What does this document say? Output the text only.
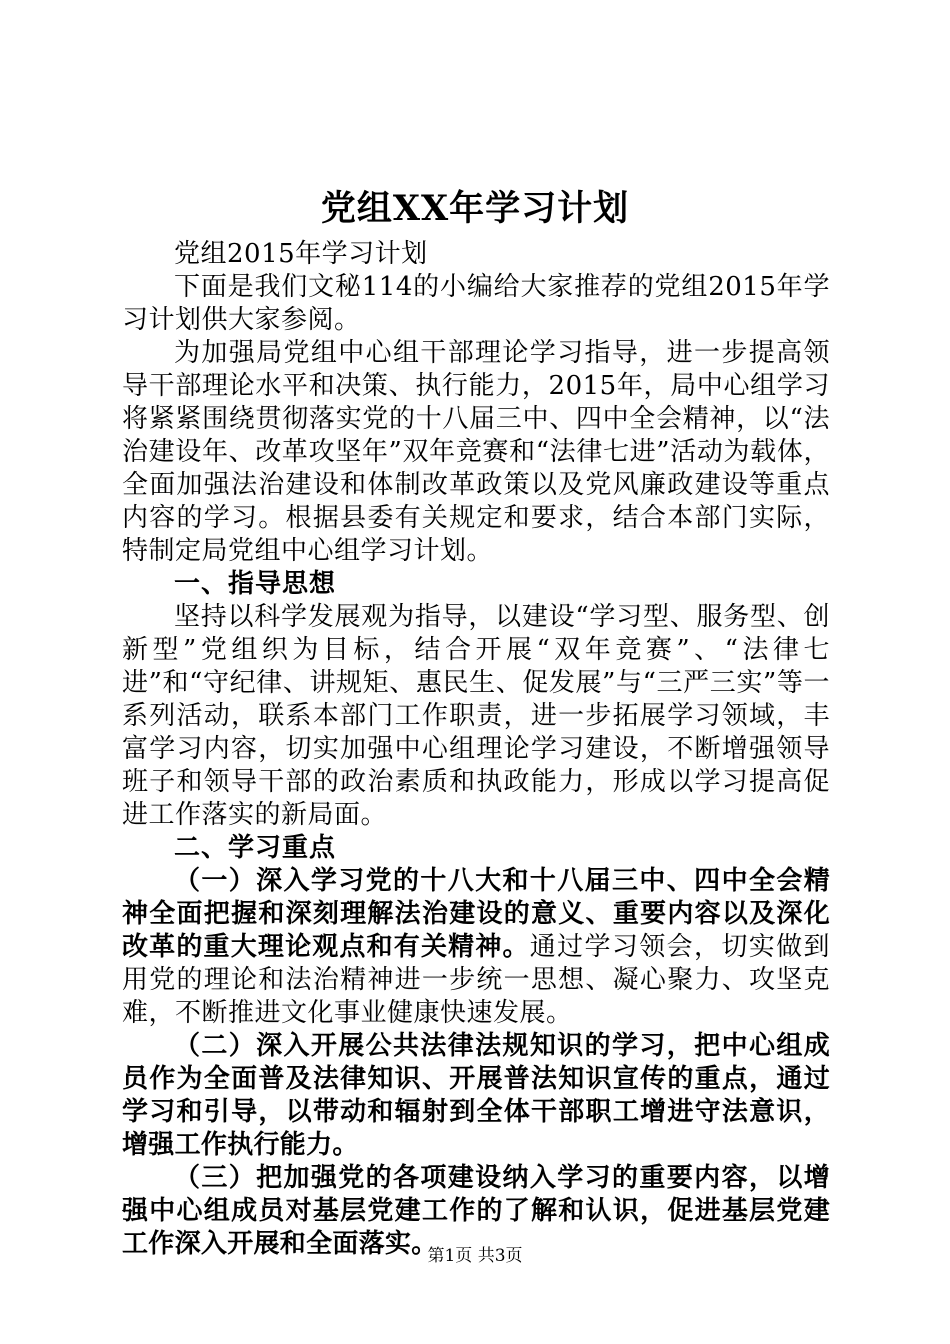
党组XX年学习计划

党组2015年学习计划

下面是我们文秘114的小编给大家推荐的党组2015年学习计划供大家参阅。

为加强局党组中心组干部理论学习指导，进一步提高领导干部理论水平和决策、执行能力，2015年，局中心组学习将紧紧围绕贯彻落实党的十八届三中、四中全会精神，以“法治建设年、改革攻坚年”双年竞赛和“法律七进”活动为载体，全面加强法治建设和体制改革政策以及党风廉政建设等重点内容的学习。根据县委有关规定和要求，结合本部门实际，特制定局党组中心组学习计划。

一、指导思想

坚持以科学发展观为指导，以建设“学习型、服务型、创新型”党组织为目标，结合开展“双年竞赛”、“法律七进”和“守纪律、讲规矩、惠民生、促发展”与“三严三实”等一系列活动，联系本部门工作职责，进一步拓展学习领域，丰富学习内容，切实加强中心组理论学习建设，不断增强领导班子和领导干部的政治素质和执政能力，形成以学习提高促进工作落实的新局面。

二、学习重点

（一）深入学习党的十八大和十八届三中、四中全会精神全面把握和深刻理解法治建设的意义、重要内容以及深化改革的重大理论观点和有关精神。通过学习领会，切实做到用党的理论和法治精神进一步统一思想、凝心聚力、攻坚克难，不断推进文化事业健康快速发展。

（二）深入开展公共法律法规知识的学习，把中心组成员作为全面普及法律知识、开展普法知识宣传的重点，通过学习和引导，以带动和辐射到全体干部职工增进守法意识，增强工作执行能力。

（三）把加强党的各项建设纳入学习的重要内容，以增强中心组成员对基层党建工作的了解和认识，促进基层党建工作深入开展和全面落实。

第1页 共3页
